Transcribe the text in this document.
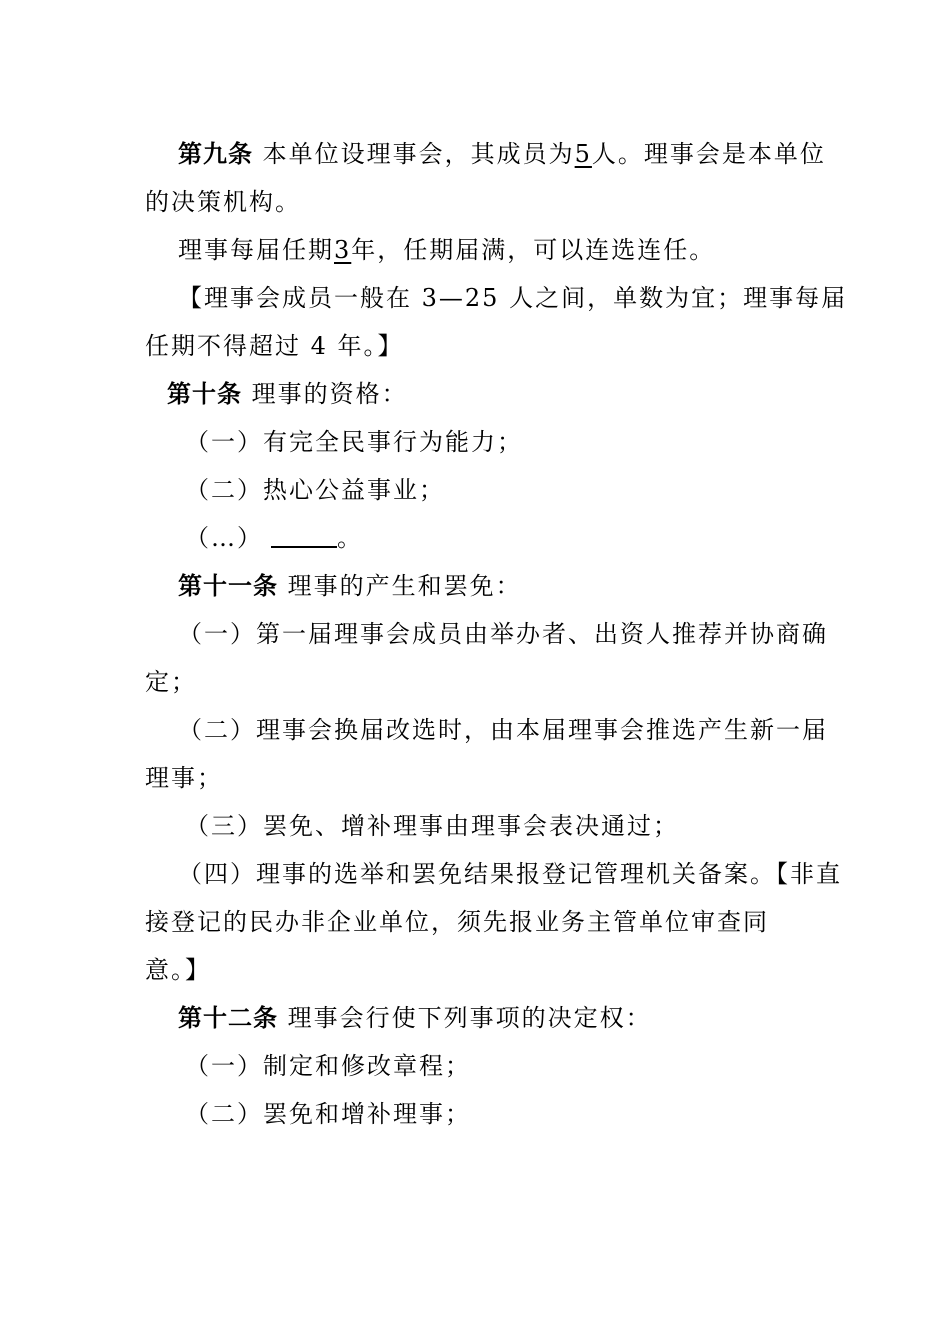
第九条 本单位设理事会，其成员为5人。理事会是本单位
的决策机构。
理事每届任期3年，任期届满，可以连选连任。
【理事会成员一般在 3—25 人之间，单数为宜；理事每届
任期不得超过 4 年。】
第十条 理事的资格：
（一）有完全民事行为能力；
（二）热心公益事业；
（…）	。
第十一条 理事的产生和罢免：
（一）第一届理事会成员由举办者、出资人推荐并协商确
定；
（二）理事会换届改选时，由本届理事会推选产生新一届
理事；
（三）罢免、增补理事由理事会表决通过；
（四）理事的选举和罢免结果报登记管理机关备案。【非直
接登记的民办非企业单位，须先报业务主管单位审查同
意。】
第十二条 理事会行使下列事项的决定权：
（一）制定和修改章程；
（二）罢免和增补理事；
